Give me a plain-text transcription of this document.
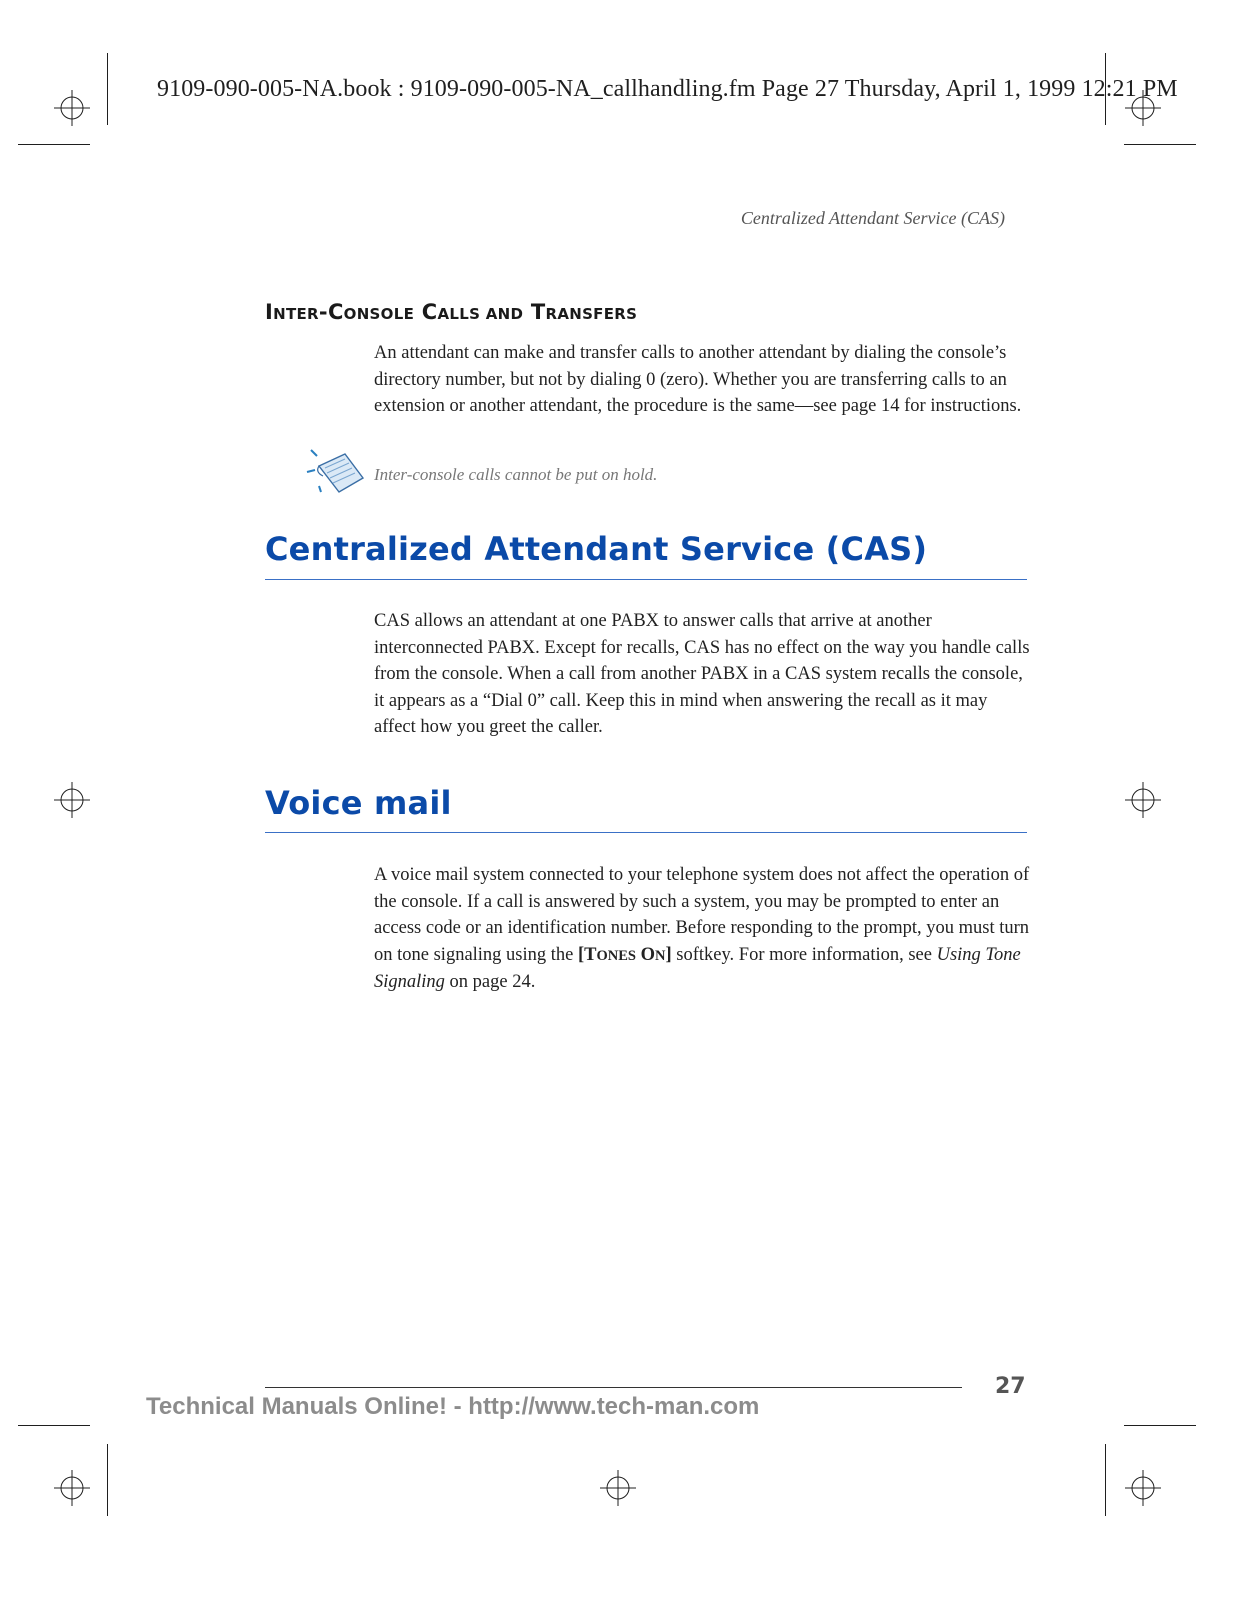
9109-090-005-NA.book : 9109-090-005-NA_callhandling.fm Page 27 Thursday, April 1, 1999 12:21 PM
Centralized Attendant Service (CAS)
INTER-CONSOLE CALLS AND TRANSFERS
An attendant can make and transfer calls to another attendant by dialing the console’s directory number, but not by dialing 0 (zero). Whether you are transferring calls to an extension or another attendant, the procedure is the same—see page 14 for instructions.
Inter-console calls cannot be put on hold.
Centralized Attendant Service (CAS)
CAS allows an attendant at one PABX to answer calls that arrive at another interconnected PABX. Except for recalls, CAS has no effect on the way you handle calls from the console. When a call from another PABX in a CAS system recalls the console, it appears as a “Dial 0” call. Keep this in mind when answering the recall as it may affect how you greet the caller.
Voice mail
A voice mail system connected to your telephone system does not affect the operation of the console. If a call is answered by such a system, you may be prompted to enter an access code or an identification number. Before responding to the prompt, you must turn on tone signaling using the [TONES ON] softkey. For more information, see Using Tone Signaling on page 24.
27
Technical Manuals Online! - http://www.tech-man.com
